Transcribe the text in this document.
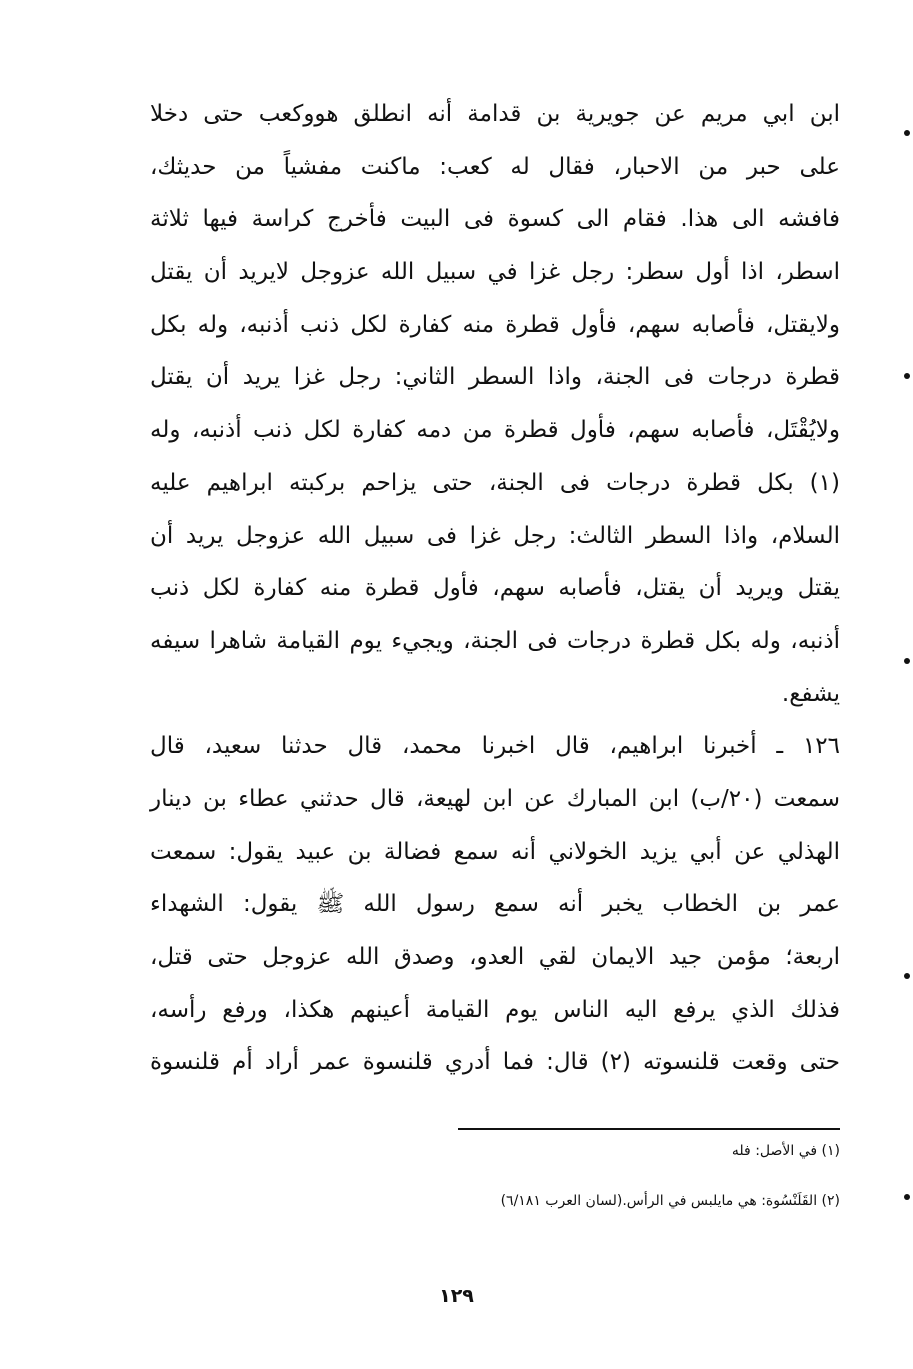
ابن ابي مريم عن جويرية بن قدامة أنه انطلق هووكعب حتى دخلا
على حبر من الاحبار، فقال له كعب: ماكنت مفشياً من حديثك،
فافشه الى هذا. فقام الى كسوة فى البيت فأخرج كراسة فيها ثلاثة
اسطر، اذا أول سطر: رجل غزا في سبيل الله عزوجل لايريد أن يقتل
ولايقتل، فأصابه سهم، فأول قطرة منه كفارة لكل ذنب أذنبه، وله بكل
قطرة درجات فى الجنة، واذا السطر الثاني: رجل غزا يريد أن يقتل
ولايُقْتَل، فأصابه سهم، فأول قطرة من دمه كفارة لكل ذنب أذنبه، وله
(١) بكل قطرة درجات فى الجنة، حتى يزاحم بركبته ابراهيم عليه
السلام، واذا السطر الثالث: رجل غزا فى سبيل الله عزوجل يريد أن
يقتل ويريد أن يقتل، فأصابه سهم، فأول قطرة منه كفارة لكل ذنب
أذنبه، وله بكل قطرة درجات فى الجنة، ويجيء يوم القيامة شاهرا سيفه
يشفع.
١٢٦ ـ أخبرنا ابراهيم، قال اخبرنا محمد، قال حدثنا سعيد، قال
سمعت (٢٠/ب) ابن المبارك عن ابن لهيعة، قال حدثني عطاء بن دينار
الهذلي عن أبي يزيد الخولاني أنه سمع فضالة بن عبيد يقول: سمعت
عمر بن الخطاب يخبر أنه سمع رسول الله ﷺ يقول: الشهداء
اربعة؛ مؤمن جيد الايمان لقي العدو، وصدق الله عزوجل حتى قتل،
فذلك الذي يرفع اليه الناس يوم القيامة أعينهم هكذا، ورفع رأسه،
حتى وقعت قلنسوته (٢) قال: فما أدري قلنسوة عمر أراد أم قلنسوة
(١) في الأصل: فله
(٢) القَلَنْسُوة: هي مايلبس في الرأس.(لسان العرب ٦/١٨١)
١٢٩
